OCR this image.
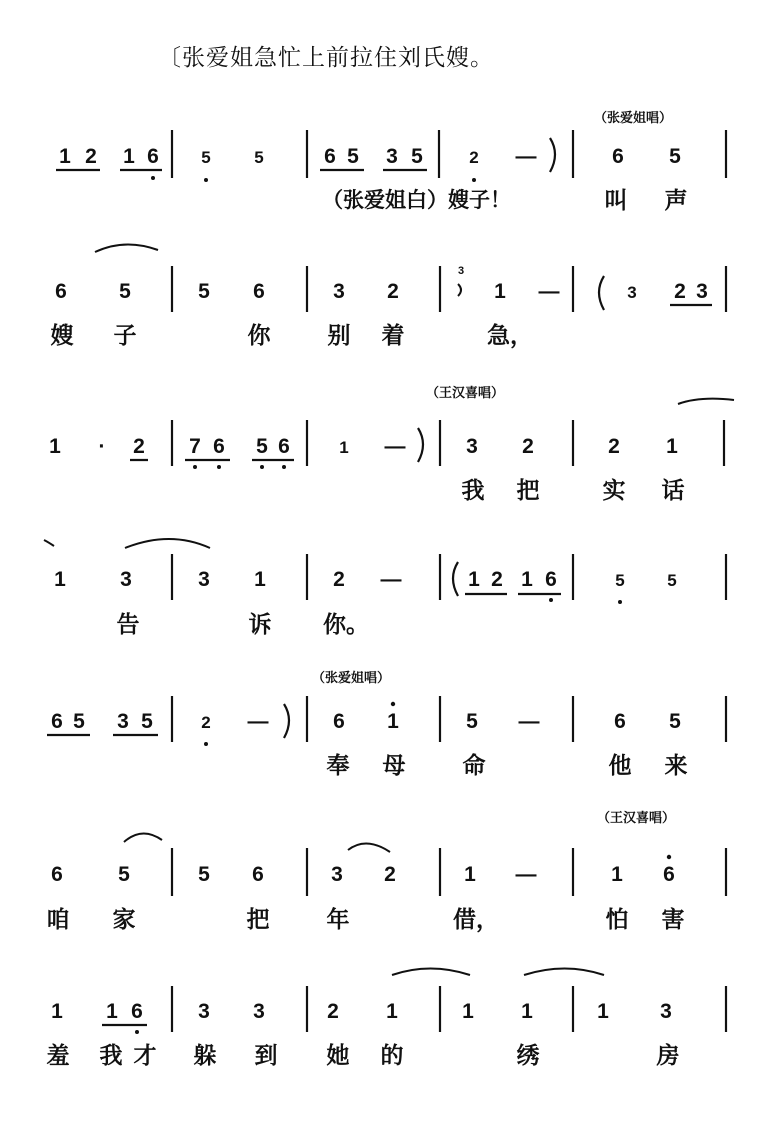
〔张爱姐急忙上前拉住刘氏嫂。
（张爱姐唱）
（王汉喜唱）
（张爱姐唱）
（王汉喜唱）
（张爱姐白）嫂子！
1 2 1 6 5	5	6 5 3 5	2 —	6 5
叫 声
6 5	5 6	3 2	1 —	3 2 3
3
嫂 子	你 别 着	急，
1 · 2 7 6 5 6	1 —	3 2	2 1
我 把	实 话
1	3	3 1	2 —	1 2 1 6	5	5
告	诉 你。
6 5 3 5	2 —	6 1	5 —	6 5
奉 母 命	他 来
6	5	5 6	3 2	1 —	1 6
咱 家	把 年	借，	怕 害
1 1 6	3 3	2 1	1 1	1 3
羞 我 才 躲 到 她 的	绣	房
